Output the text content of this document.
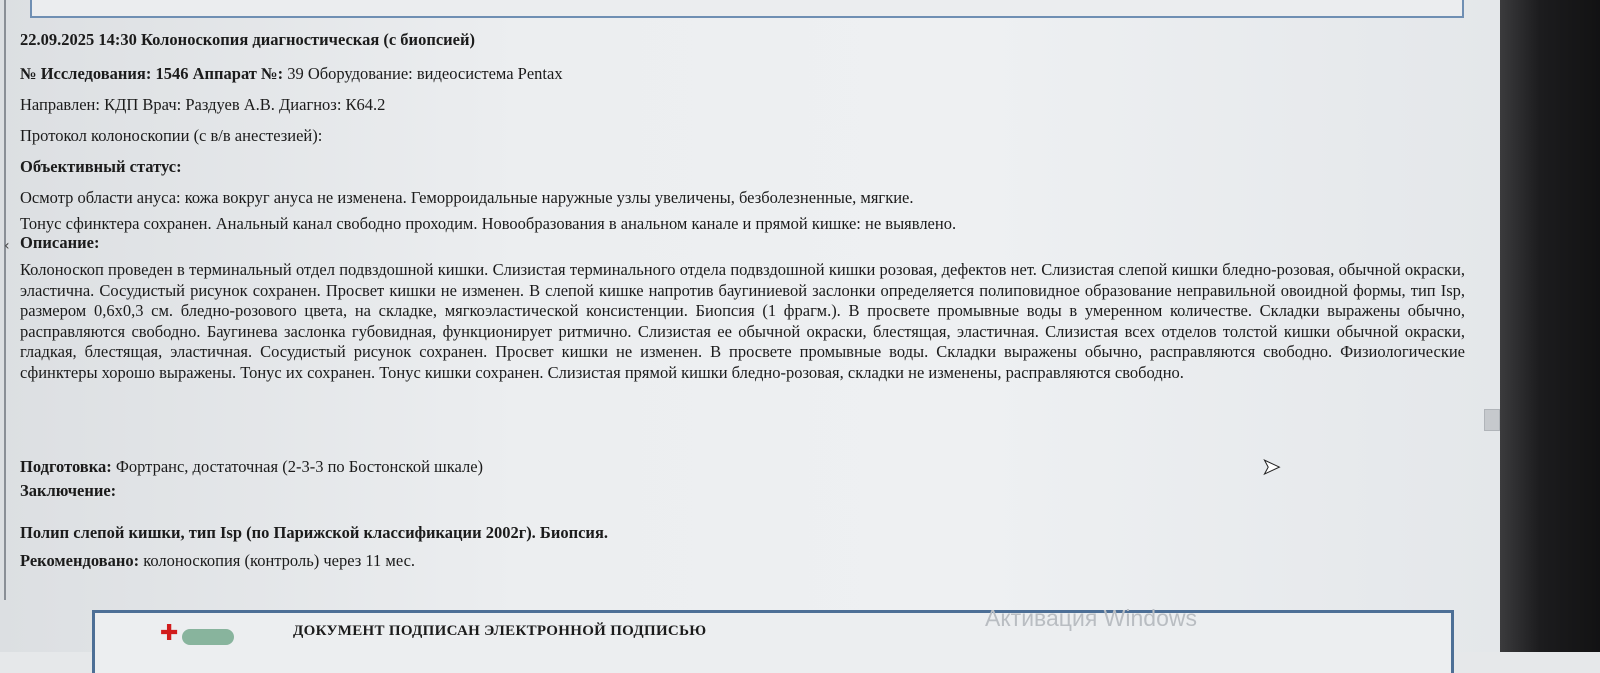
‹
22.09.2025 14:30 Колоноскопия диагностическая (с биопсией)
№ Исследования: 1546 Аппарат №: 39 Оборудование: видеосистема Pentax
Направлен: КДП Врач: Раздуев А.В. Диагноз: К64.2
Протокол колоноскопии (с в/в анестезией):
Объективный статус:
Осмотр области ануса: кожа вокруг ануса не изменена. Геморроидальные наружные узлы увеличены, безболезненные, мягкие.
Тонус сфинктера сохранен. Анальный канал свободно проходим. Новообразования в анальном канале и прямой кишке: не выявлено.
Описание:
Колоноскоп проведен в терминальный отдел подвздошной кишки. Слизистая терминального отдела подвздошной кишки розовая, дефектов нет. Слизистая слепой кишки бледно-розовая, обычной окраски, эластична. Сосудистый рисунок сохранен. Просвет кишки не изменен. В слепой кишке напротив баугиниевой заслонки определяется полиповидное образование неправильной овоидной формы, тип Isp, размером 0,6х0,3 см. бледно-розового цвета, на складке, мягкоэластической консистенции. Биопсия (1 фрагм.). В просвете промывные воды в умеренном количестве. Складки выражены обычно, расправляются свободно. Баугинева заслонка губовидная, функционирует ритмично. Слизистая ее обычной окраски, блестящая, эластичная. Слизистая всех отделов толстой кишки обычной окраски, гладкая, блестящая, эластичная. Сосудистый рисунок сохранен. Просвет кишки не изменен. В просвете промывные воды. Складки выражены обычно, расправляются свободно. Физиологические сфинктеры хорошо выражены. Тонус их сохранен. Тонус кишки сохранен. Слизистая прямой кишки бледно-розовая, складки не изменены, расправляются свободно.
Подготовка: Фортранс, достаточная (2-3-3 по Бостонской шкале)
Заключение:
Полип слепой кишки, тип Isp (по Парижской классификации 2002г). Биопсия.
Рекомендовано: колоноскопия (контроль) через 11 мес.
➤
✚	ДОКУМЕНТ ПОДПИСАН ЭЛЕКТРОННОЙ ПОДПИСЬЮ	Активация Windows
